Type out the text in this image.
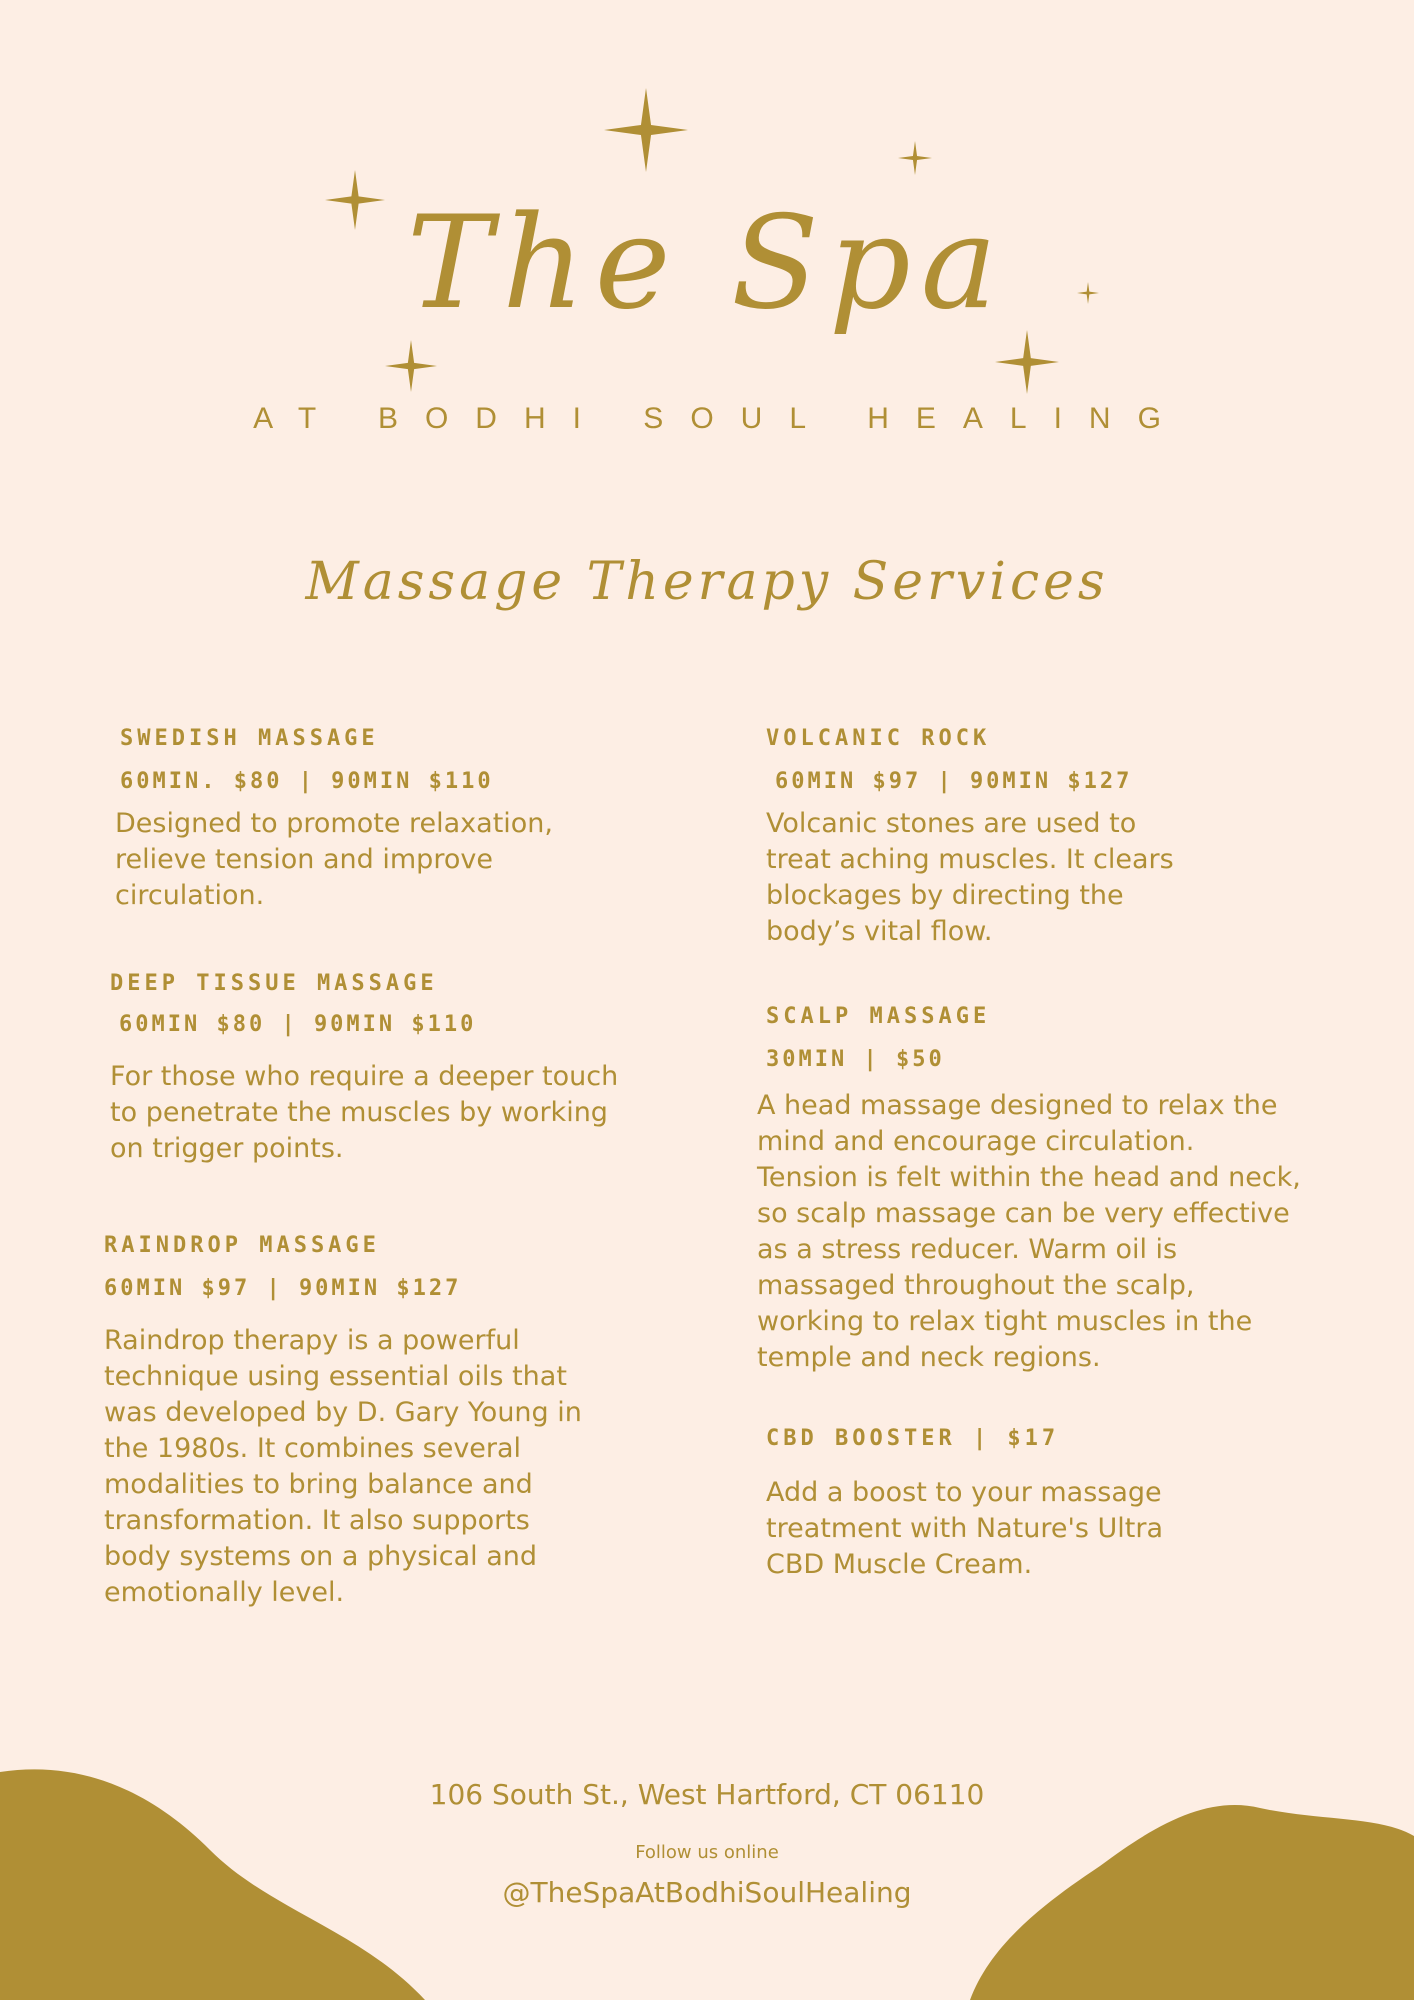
The Spa
AT BODHI SOUL HEALING
Massage Therapy Services
SWEDISH MASSAGE
60MIN. $80 | 90MIN $110
Designed to promote relaxation, relieve tension and improve circulation.
DEEP TISSUE MASSAGE
60MIN $80 | 90MIN $110
For those who require a deeper touch to penetrate the muscles by working on trigger points.
RAINDROP MASSAGE
60MIN $97 | 90MIN $127
Raindrop therapy is a powerful technique using essential oils that was developed by D. Gary Young in the 1980s. It combines several modalities to bring balance and transformation. It also supports body systems on a physical and emotionally level.
VOLCANIC ROCK
60MIN $97 | 90MIN $127
Volcanic stones are used to treat aching muscles. It clears blockages by directing the body’s vital flow.
SCALP MASSAGE
30MIN | $50
A head massage designed to relax the mind and encourage circulation. Tension is felt within the head and neck, so scalp massage can be very effective as a stress reducer. Warm oil is massaged throughout the scalp, working to relax tight muscles in the temple and neck regions.
CBD BOOSTER | $17
Add a boost to your massage treatment with Nature's Ultra CBD Muscle Cream.
106 South St., West Hartford, CT 06110
Follow us online
@TheSpaAtBodhiSoulHealing
